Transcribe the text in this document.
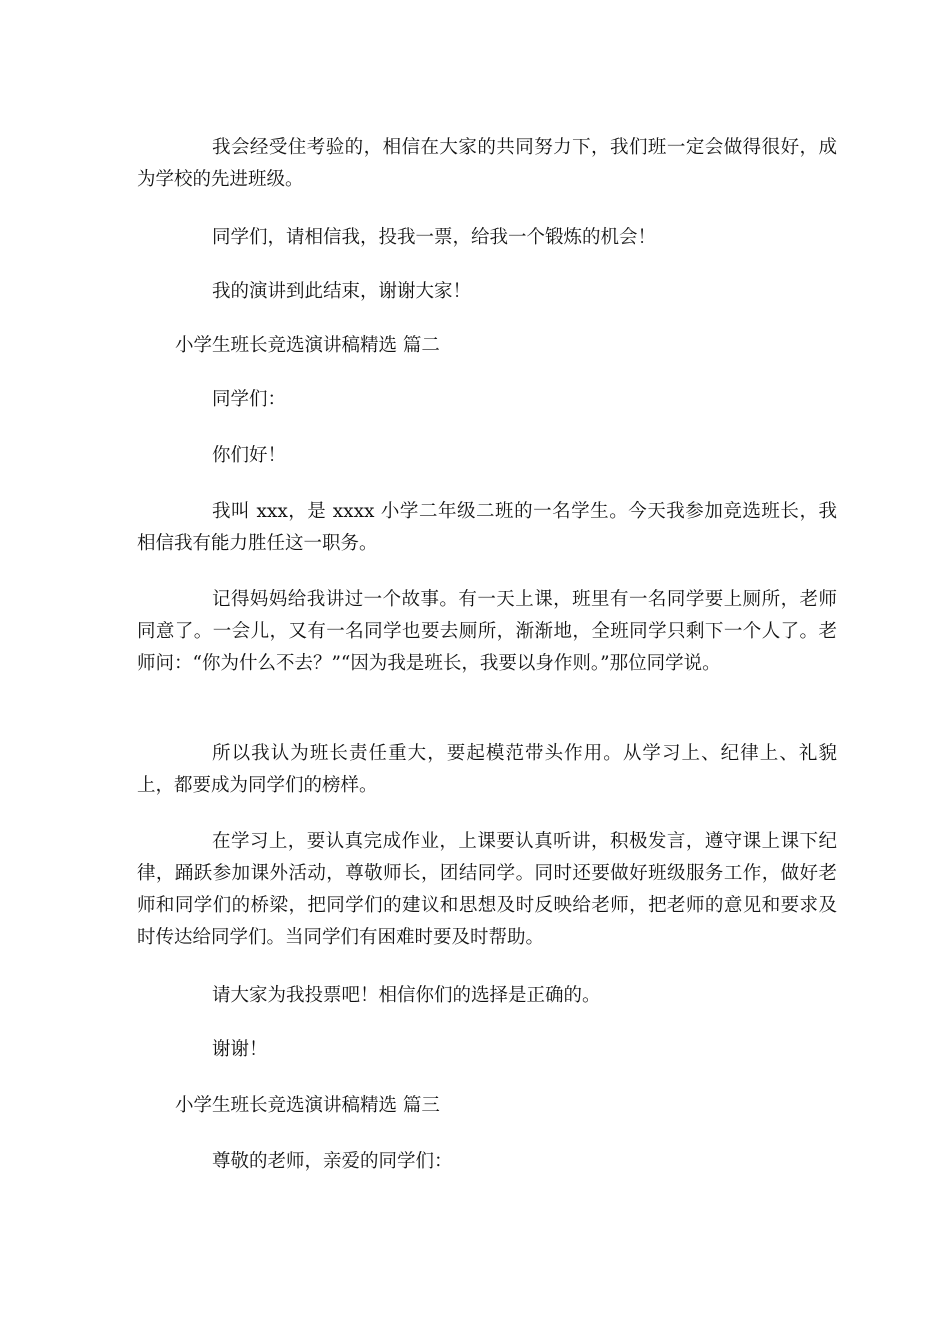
我会经受住考验的，相信在大家的共同努力下，我们班一定会做得很好，成为学校的先进班级。

同学们，请相信我，投我一票，给我一个锻炼的机会！

我的演讲到此结束，谢谢大家！

小学生班长竞选演讲稿精选 篇二

同学们：

你们好！

我叫 xxx，是 xxxx 小学二年级二班的一名学生。今天我参加竞选班长，我相信我有能力胜任这一职务。

记得妈妈给我讲过一个故事。有一天上课，班里有一名同学要上厕所，老师同意了。一会儿，又有一名同学也要去厕所，渐渐地，全班同学只剩下一个人了。老师问：“你为什么不去？”“因为我是班长，我要以身作则。”那位同学说。

所以我认为班长责任重大，要起模范带头作用。从学习上、纪律上、礼貌上，都要成为同学们的榜样。

在学习上，要认真完成作业，上课要认真听讲，积极发言，遵守课上课下纪律，踊跃参加课外活动，尊敬师长，团结同学。同时还要做好班级服务工作，做好老师和同学们的桥梁，把同学们的建议和思想及时反映给老师，把老师的意见和要求及时传达给同学们。当同学们有困难时要及时帮助。

请大家为我投票吧！相信你们的选择是正确的。

谢谢！

小学生班长竞选演讲稿精选 篇三

尊敬的老师，亲爱的同学们：
